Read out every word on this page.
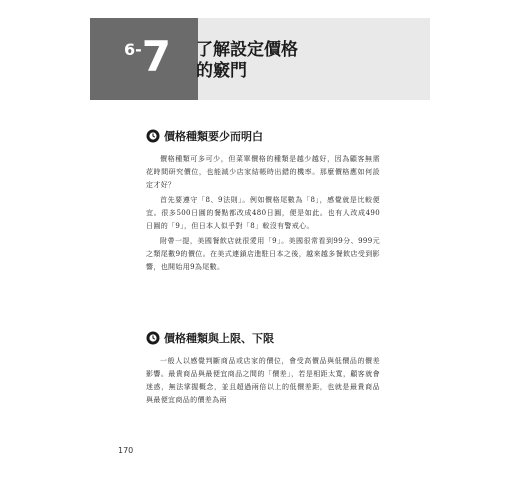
6-7 了解設定價格
的竅門
價格種類要少而明白

價格種類可多可少，但菜單價格的種類是越少越好，因為顧客無需花時間研究價位，也能減少店家結帳時出錯的機率。那麼價格應如何設定才好？

首先要遵守「8、9法則」。例如價格尾數為「8」，感覺就是比較便宜。很多500日圓的餐點都改成480日圓，便是如此。也有人改成490日圓的「9」，但日本人似乎對「8」較沒有警戒心。

附帶一提，美國餐飲店就很愛用「9」。美國很常看到99分、999元之類尾數9的價位。在美式連鎖店進駐日本之後，越來越多餐飲店受到影響，也開始用9為尾數。

價格種類與上限、下限

一般人以感覺判斷商品或店家的價位，會受高價品與低價品的價差影響。最貴商品與最便宜商品之間的「價差」，若是相距太寬，顧客就會迷惑，無法掌握概念，並且超過兩倍以上的低價差距，也就是最貴商品與最便宜商品的價差為兩

170
